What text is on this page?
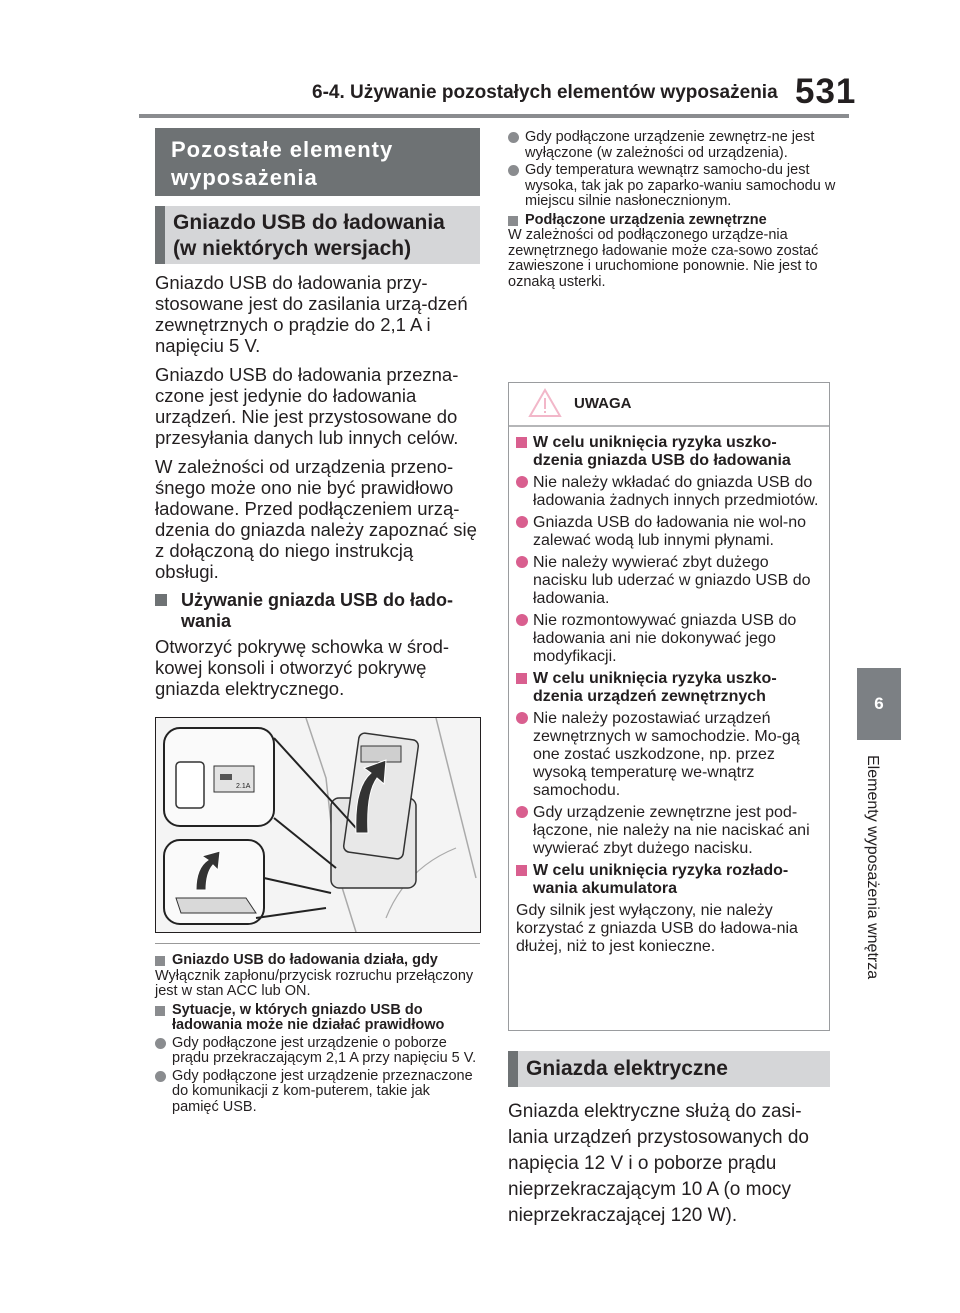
6-4. Używanie pozostałych elementów wyposażenia 531
6
Elementy wyposażenia wnętrza
Pozostałe elementy
wyposażenia
Gniazdo USB do ładowania
(w niektórych wersjach)

Gniazdo USB do ładowania przy-stosowane jest do zasilania urzą-dzeń zewnętrznych o prądzie do 2,1 A i napięciu 5 V.

Gniazdo USB do ładowania przezna-czone jest jedynie do ładowania urządzeń. Nie jest przystosowane do przesyłania danych lub innych celów.

W zależności od urządzenia przeno-śnego może ono nie być prawidłowo ładowane. Przed podłączeniem urzą-dzenia do gniazda należy zapoznać się z dołączoną do niego instrukcją obsługi.

Używanie gniazda USB do łado-wania

Otworzyć pokrywę schowka w środ-kowej konsoli i otworzyć pokrywę gniazda elektrycznego.

2.1A
Gniazdo USB do ładowania działa, gdy
Wyłącznik zapłonu/przycisk rozruchu przełączony jest w stan ACC lub ON.
Sytuacje, w których gniazdo USB do ładowania może nie działać prawidłowo
Gdy podłączone jest urządzenie o poborze prądu przekraczającym 2,1 A przy napięciu 5 V.
Gdy podłączone jest urządzenie przeznaczone do komunikacji z kom-puterem, takie jak pamięć USB.
Gdy podłączone urządzenie zewnętrz-ne jest wyłączone (w zależności od urządzenia).
Gdy temperatura wewnątrz samocho-du jest wysoka, tak jak po zaparko-waniu samochodu w miejscu silnie nasłonecznionym.
Podłączone urządzenia zewnętrzne
W zależności od podłączonego urządze-nia zewnętrznego ładowanie może cza-sowo zostać zawieszone i uruchomione ponownie. Nie jest to oznaką usterki.
UWAGA
W celu uniknięcia ryzyka uszko-dzenia gniazda USB do ładowania
Nie należy wkładać do gniazda USB do ładowania żadnych innych przedmiotów.
Gniazda USB do ładowania nie wol-no zalewać wodą lub innymi płynami.
Nie należy wywierać zbyt dużego nacisku lub uderzać w gniazdo USB do ładowania.
Nie rozmontowywać gniazda USB do ładowania ani nie dokonywać jego modyfikacji.
W celu uniknięcia ryzyka uszko-dzenia urządzeń zewnętrznych
Nie należy pozostawiać urządzeń zewnętrznych w samochodzie. Mo-gą one zostać uszkodzone, np. przez wysoką temperaturę we-wnątrz samochodu.
Gdy urządzenie zewnętrzne jest pod-łączone, nie należy na nie naciskać ani wywierać zbyt dużego nacisku.
W celu uniknięcia ryzyka rozłado-wania akumulatora
Gdy silnik jest wyłączony, nie należy korzystać z gniazda USB do ładowa-nia dłużej, niż to jest konieczne.
Gniazda elektryczne
Gniazda elektryczne służą do zasi-lania urządzeń przystosowanych do napięcia 12 V i o poborze prądu nieprzekraczającym 10 A (o mocy nieprzekraczającej 120 W).
